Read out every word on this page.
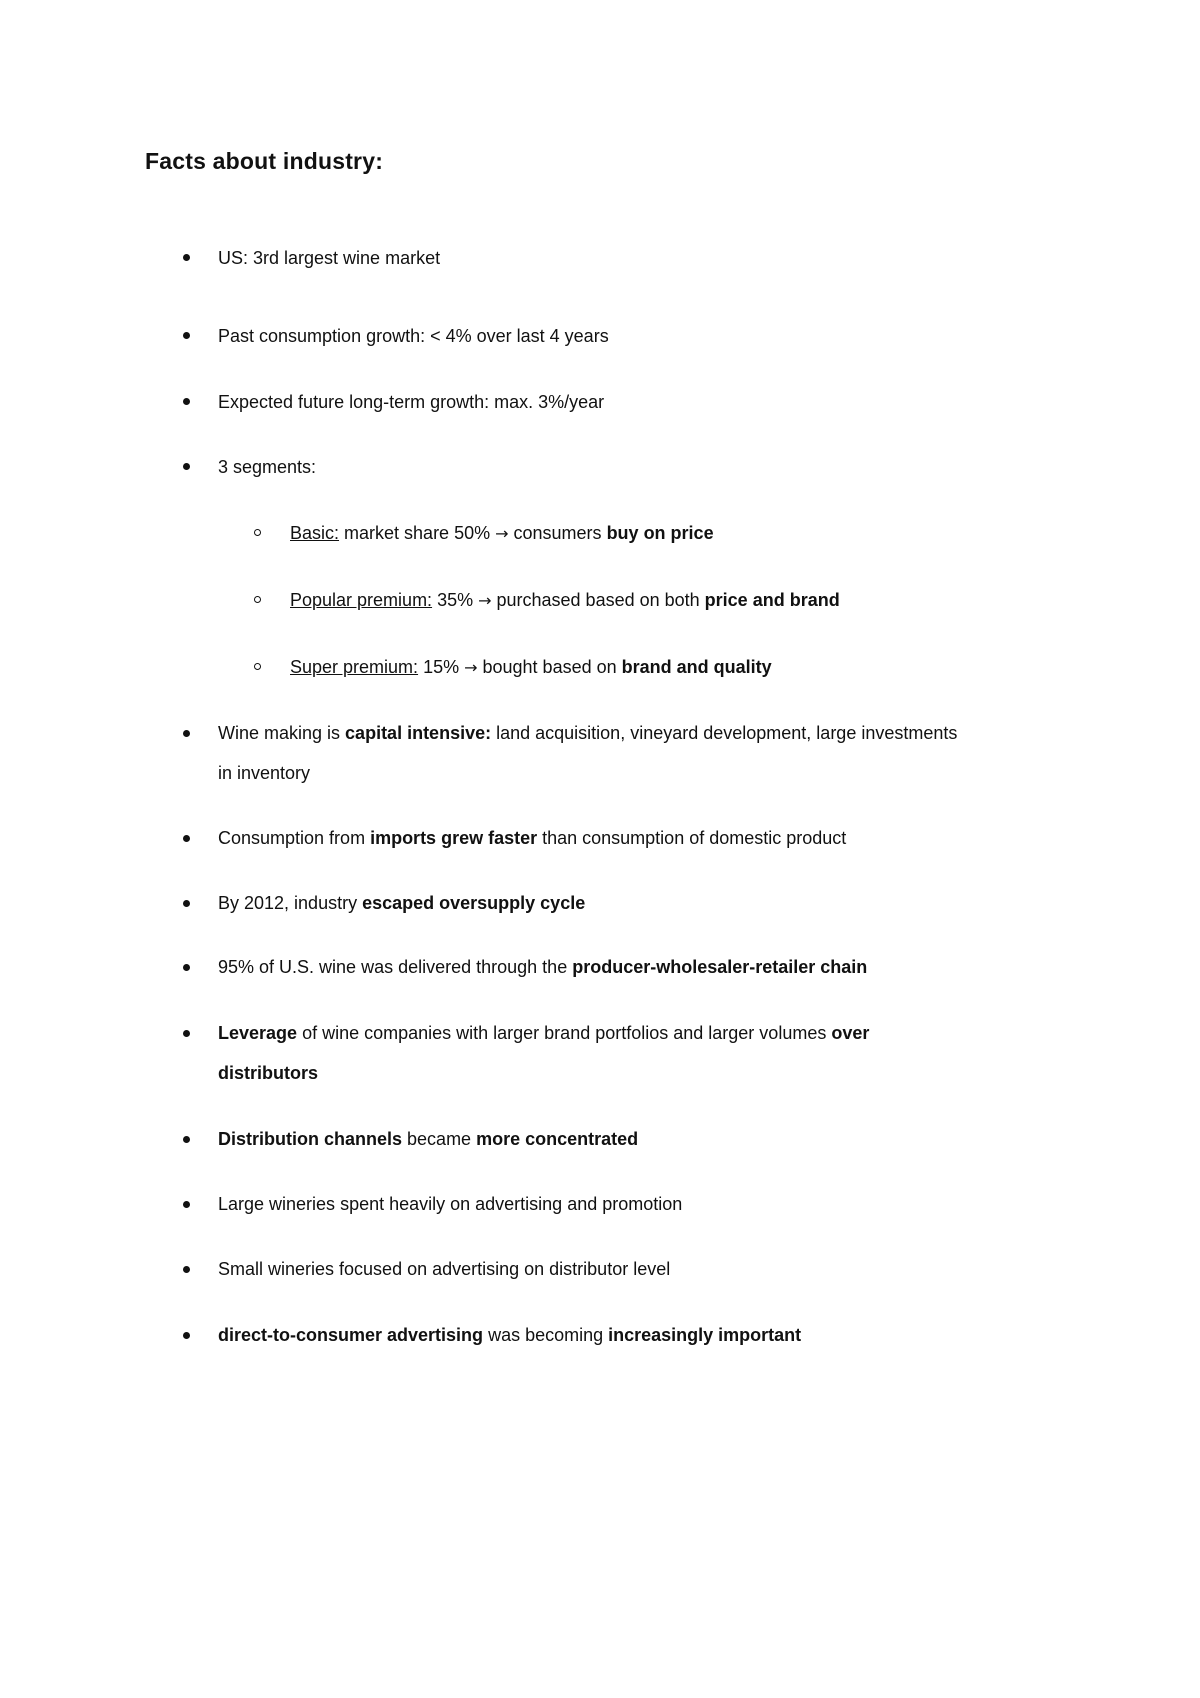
Facts about industry:

US: 3rd largest wine market

Past consumption growth: < 4% over last 4 years

Expected future long-term growth: max. 3%/year

3 segments:

Basic: market share 50% → consumers buy on price

Popular premium: 35% → purchased based on both price and brand

Super premium: 15% → bought based on brand and quality

Wine making is capital intensive: land acquisition, vineyard development, large investments
in inventory

Consumption from imports grew faster than consumption of domestic product

By 2012, industry escaped oversupply cycle

95% of U.S. wine was delivered through the producer-wholesaler-retailer chain

Leverage of wine companies with larger brand portfolios and larger volumes over
distributors

Distribution channels became more concentrated

Large wineries spent heavily on advertising and promotion

Small wineries focused on advertising on distributor level

direct-to-consumer advertising was becoming increasingly important
